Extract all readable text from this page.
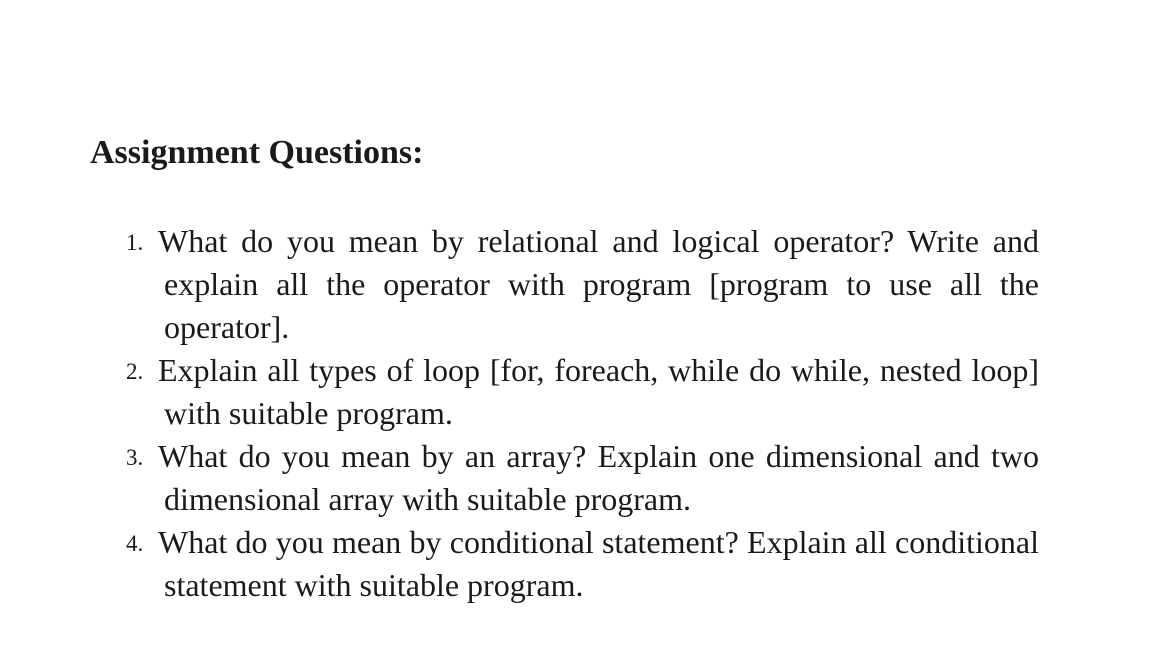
Assignment Questions:
1. What do you mean by relational and logical operator? Write and explain all the operator with program [program to use all the operator].
2. Explain all types of loop [for, foreach, while do while, nested loop] with suitable program.
3. What do you mean by an array? Explain one dimensional and two dimensional array with suitable program.
4. What do you mean by conditional statement? Explain all conditional statement with suitable program.
